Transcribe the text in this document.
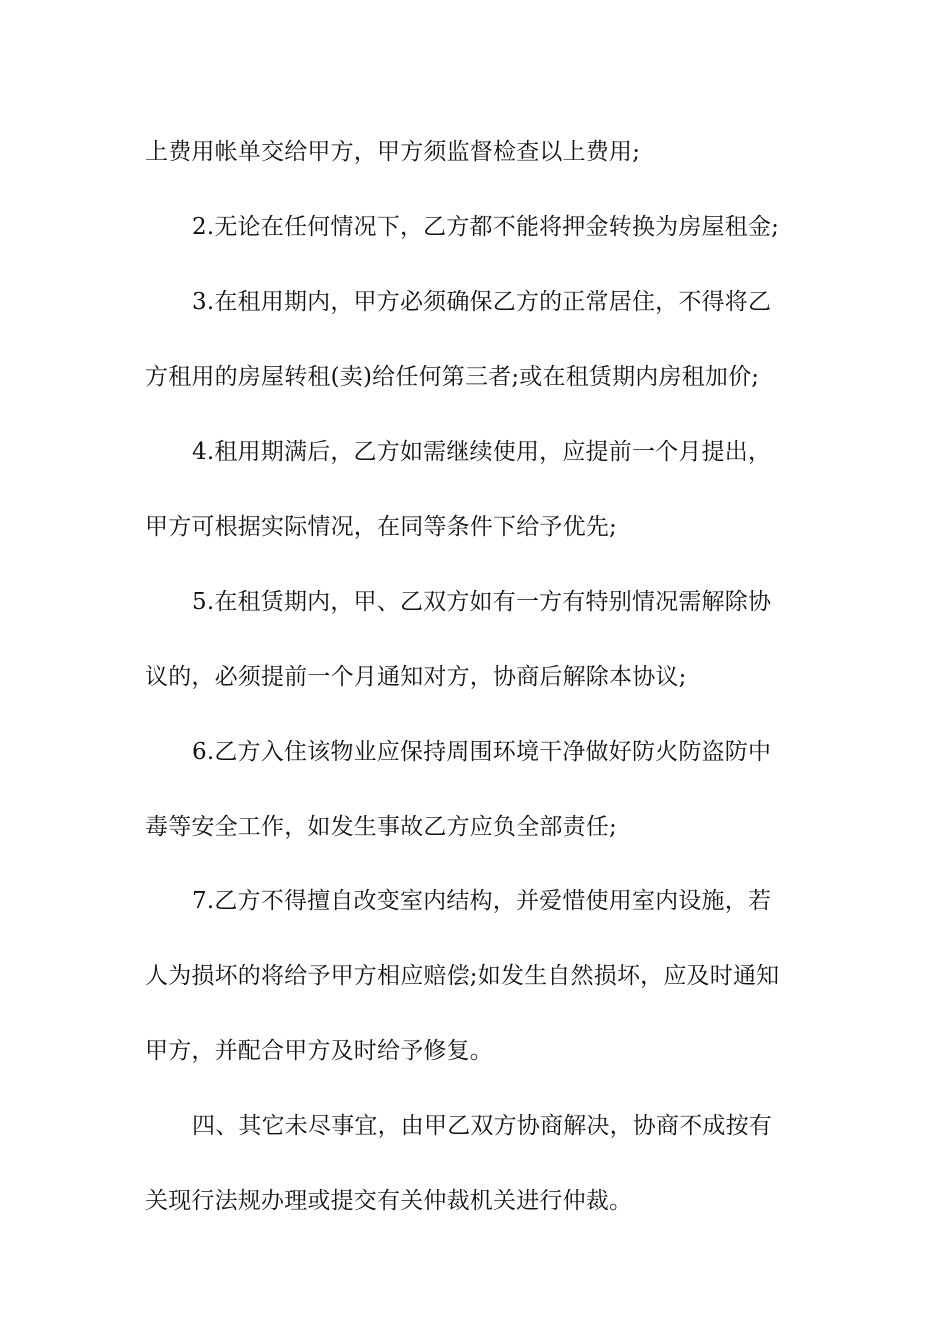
上费用帐单交给甲方，甲方须监督检查以上费用;
2.无论在任何情况下，乙方都不能将押金转换为房屋租金;
3.在租用期内，甲方必须确保乙方的正常居住，不得将乙
方租用的房屋转租(卖)给任何第三者;或在租赁期内房租加价;
4.租用期满后，乙方如需继续使用，应提前一个月提出，
甲方可根据实际情况，在同等条件下给予优先;
5.在租赁期内，甲、乙双方如有一方有特别情况需解除协
议的，必须提前一个月通知对方，协商后解除本协议;
6.乙方入住该物业应保持周围环境干净做好防火防盗防中
毒等安全工作，如发生事故乙方应负全部责任;
7.乙方不得擅自改变室内结构，并爱惜使用室内设施，若
人为损坏的将给予甲方相应赔偿;如发生自然损坏，应及时通知
甲方，并配合甲方及时给予修复。
四、其它未尽事宜，由甲乙双方协商解决，协商不成按有
关现行法规办理或提交有关仲裁机关进行仲裁。
